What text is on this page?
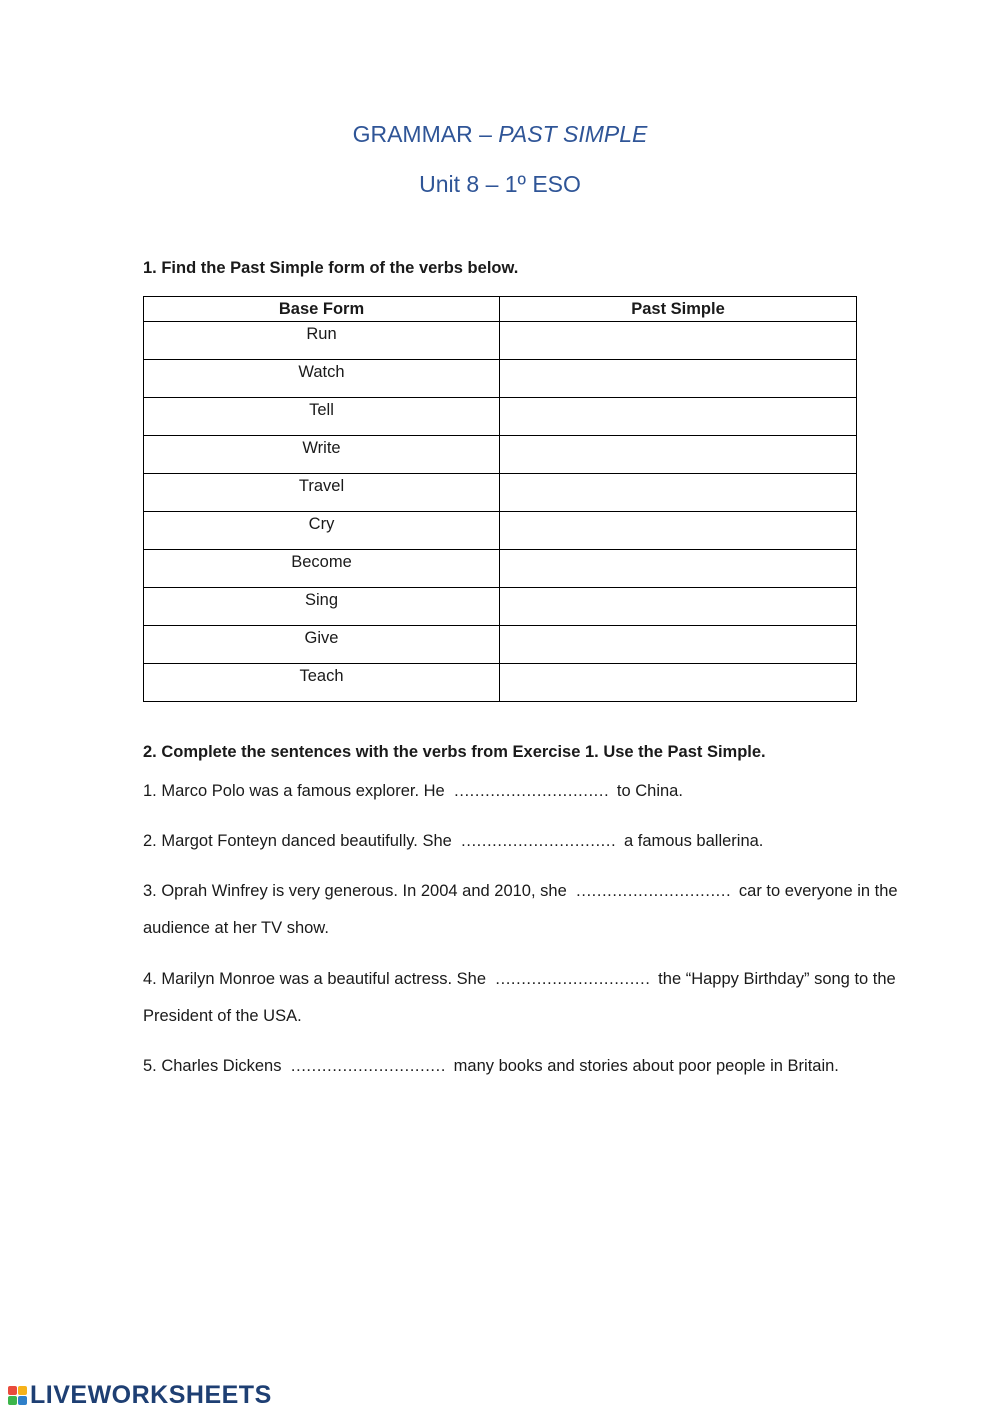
GRAMMAR – PAST SIMPLE
Unit 8 – 1º ESO
1. Find the Past Simple form of the verbs below.
Base Form	Past Simple
Run	
Watch	
Tell	
Write	
Travel	
Cry	
Become	
Sing	
Give	
Teach	
2. Complete the sentences with the verbs from Exercise 1. Use the Past Simple.
1. Marco Polo was a famous explorer. He ………………………… to China.
2. Margot Fonteyn danced beautifully. She ………………………… a famous ballerina.
3. Oprah Winfrey is very generous. In 2004 and 2010, she ………………………… car to everyone in the audience at her TV show.
4. Marilyn Monroe was a beautiful actress. She ………………………… the “Happy Birthday” song to the President of the USA.
5. Charles Dickens ………………………… many books and stories about poor people in Britain.
LIVEWORKSHEETS
